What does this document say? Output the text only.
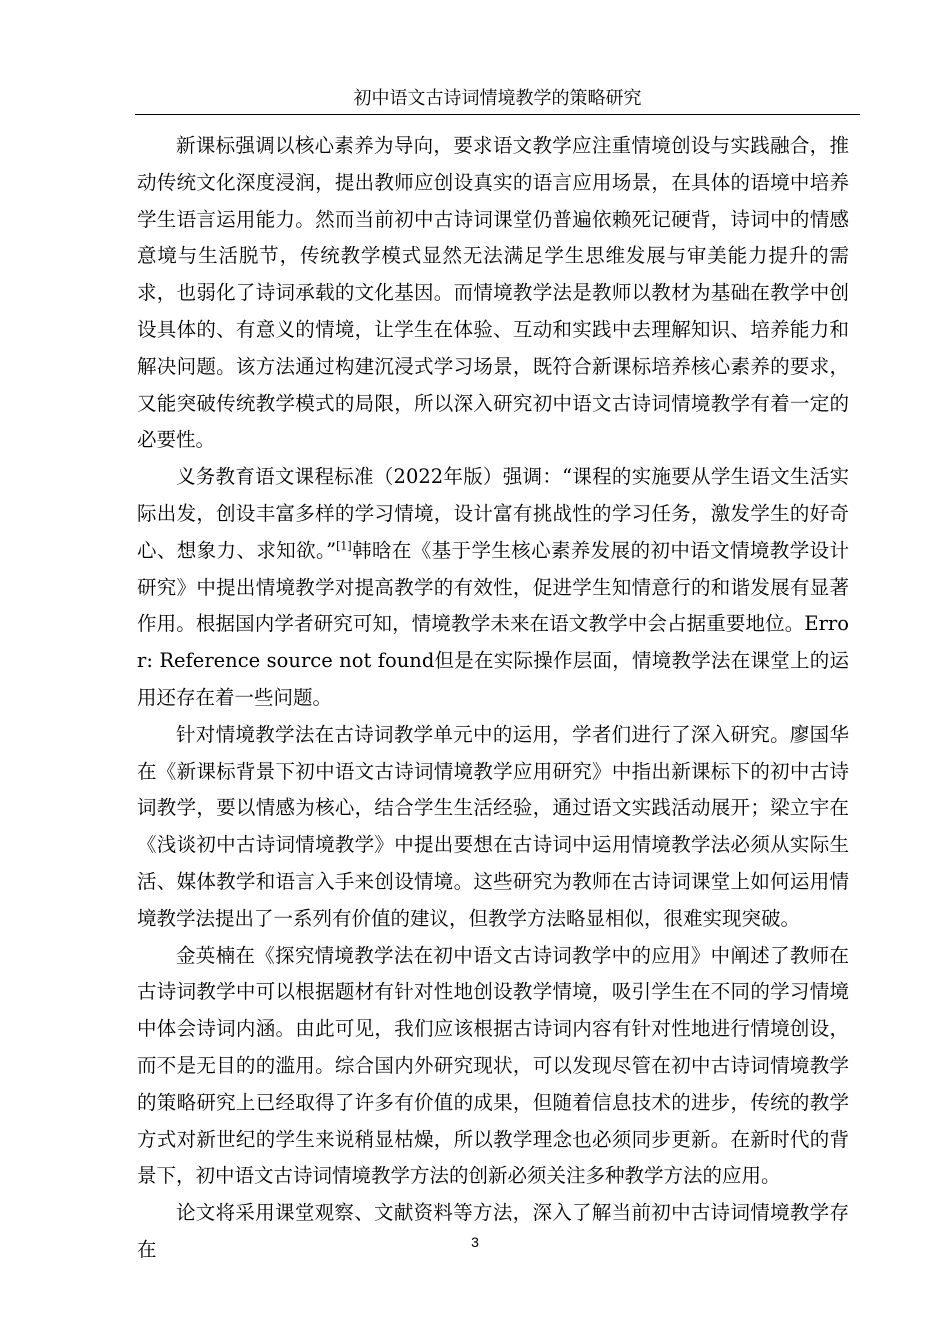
初中语文古诗词情境教学的策略研究

新课标强调以核心素养为导向，要求语文教学应注重情境创设与实践融合，推动传统文化深度浸润，提出教师应创设真实的语言应用场景，在具体的语境中培养学生语言运用能力。然而当前初中古诗词课堂仍普遍依赖死记硬背，诗词中的情感意境与生活脱节，传统教学模式显然无法满足学生思维发展与审美能力提升的需求，也弱化了诗词承载的文化基因。而情境教学法是教师以教材为基础在教学中创设具体的、有意义的情境，让学生在体验、互动和实践中去理解知识、培养能力和解决问题。该方法通过构建沉浸式学习场景，既符合新课标培养核心素养的要求，又能突破传统教学模式的局限，所以深入研究初中语文古诗词情境教学有着一定的必要性。

义务教育语文课程标准（2022年版）强调：“课程的实施要从学生语文生活实际出发，创设丰富多样的学习情境，设计富有挑战性的学习任务，激发学生的好奇心、想象力、求知欲。”[1]韩晗在《基于学生核心素养发展的初中语文情境教学设计研究》中提出情境教学对提高教学的有效性，促进学生知情意行的和谐发展有显著作用。根据国内学者研究可知，情境教学未来在语文教学中会占据重要地位。Error: Reference source not found但是在实际操作层面，情境教学法在课堂上的运用还存在着一些问题。

针对情境教学法在古诗词教学单元中的运用，学者们进行了深入研究。廖国华在《新课标背景下初中语文古诗词情境教学应用研究》中指出新课标下的初中古诗词教学，要以情感为核心，结合学生生活经验，通过语文实践活动展开；梁立宇在《浅谈初中古诗词情境教学》中提出要想在古诗词中运用情境教学法必须从实际生活、媒体教学和语言入手来创设情境。这些研究为教师在古诗词课堂上如何运用情境教学法提出了一系列有价值的建议，但教学方法略显相似，很难实现突破。

金英楠在《探究情境教学法在初中语文古诗词教学中的应用》中阐述了教师在古诗词教学中可以根据题材有针对性地创设教学情境，吸引学生在不同的学习情境中体会诗词内涵。由此可见，我们应该根据古诗词内容有针对性地进行情境创设，而不是无目的的滥用。综合国内外研究现状，可以发现尽管在初中古诗词情境教学的策略研究上已经取得了许多有价值的成果，但随着信息技术的进步，传统的教学方式对新世纪的学生来说稍显枯燥，所以教学理念也必须同步更新。在新时代的背景下，初中语文古诗词情境教学方法的创新必须关注多种教学方法的应用。

论文将采用课堂观察、文献资料等方法，深入了解当前初中古诗词情境教学存在	3
